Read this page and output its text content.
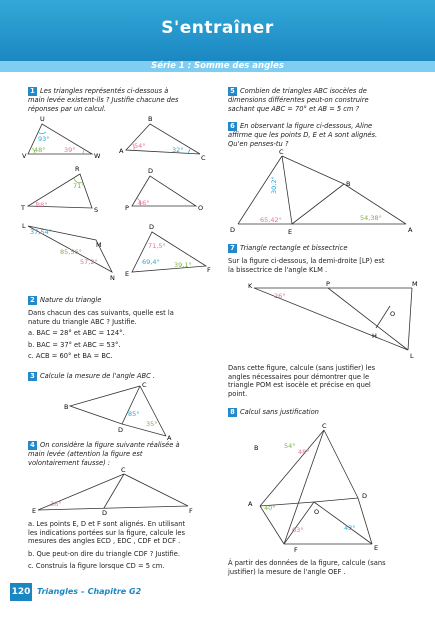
S'entraîner
Série 1 : Somme des angles
1 Les triangles représentés ci-dessous à
main levée existent-ils ? Justifie chacune des
réponses par un calcul.
U
V	W
93°
48°	39°
B
A
C
54°	32°
R
T	S
71°
38°
D
P	O
46°
L
M
N
37,54°
85,56°
57,2°
D
E	F
71,5°
69,4° 39,1°
2 Nature du triangle
Dans chacun des cas suivants, quelle est la
nature du triangle ABC ? Justifie.
a. BAC = 28° et ABC = 124°.
b. BAC = 37° et ABC = 53°.
c. ACB = 60° et BA = BC.
3 Calcule la mesure de l'angle ABC .
C
B
D
A
85°
35°
4 On considère la figure suivante réalisée à
main levée (attention la figure est
volontairement fausse) :
C
E	D	F
36°
a. Les points E, D et F sont alignés. En utilisant
les indications portées sur la figure, calcule les
mesures des angles ECD , EDC , CDF et DCF .
b. Que peut-on dire du triangle CDF ? Justifie.
c. Construis la figure lorsque CD = 5 cm.
5 Combien de triangles ABC isocèles de
dimensions différentes peut-on construire
sachant que ABC = 70° et AB = 5 cm ?
6 En observant la figure ci-dessous, Aline
affirme que les points D, E et A sont alignés.
Qu'en penses-tu ?
C
B
D	E	A
30,2°
65,42°	54,38°
7 Triangle rectangle et bissectrice
Sur la figure ci-dessous, la demi-droite [LP) est
la bissectrice de l'angle KLM .
K	P	M
O
H
L
26°
Dans cette figure, calcule (sans justifier) les
angles nécessaires pour démontrer que le
triangle POM est isocèle et précise en quel
point.
8 Calcul sans justification
C
B
A
D
O
F	E
54°
48°
40°
63°	43°
À partir des données de la figure, calcule (sans
justifier) la mesure de l'angle OEF .
120 Triangles – Chapitre G2
